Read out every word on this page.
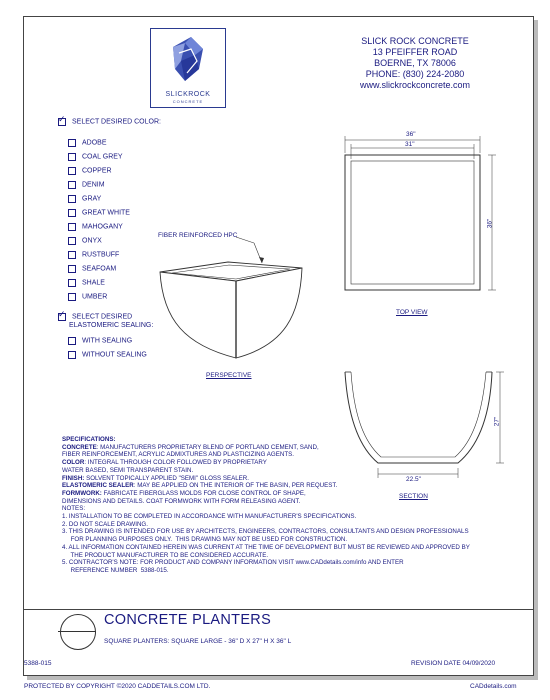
SLICKROCK
CONCRETE
SLICK ROCK CONCRETE
13 PFEIFFER ROAD
BOERNE, TX 78006
PHONE: (830) 224-2080
www.slickrockconcrete.com
✓SELECT DESIRED COLOR:
ADOBE
COAL GREY
COPPER
DENIM
GRAY
GREAT WHITE
MAHOGANY
ONYX
RUSTBUFF
SEAFOAM
SHALE
UMBER
✓SELECT DESIRED
ELASTOMERIC SEALING:
WITH SEALING
WITHOUT SEALING
FIBER REINFORCED HPC
PERSPECTIVE
TOP VIEW
SECTION
36"
31"
36"
27"
22.5"

SPECIFICATIONS:

CONCRETE: MANUFACTURERS PROPRIETARY BLEND OF PORTLAND CEMENT, SAND,

FIBER REINFORCEMENT, ACRYLIC ADMIXTURES AND PLASTICIZING AGENTS.

COLOR: INTEGRAL THROUGH COLOR FOLLOWED BY PROPRIETARY

WATER BASED, SEMI TRANSPARENT STAIN.

FINISH: SOLVENT TOPICALLY APPLIED "SEMI" GLOSS SEALER.

ELASTOMERIC SEALER: MAY BE APPLIED ON THE INTERIOR OF THE BASIN, PER REQUEST.

FORMWORK: FABRICATE FIBERGLASS MOLDS FOR CLOSE CONTROL OF SHAPE,

DIMENSIONS AND DETAILS. COAT FORMWORK WITH FORM RELEASING AGENT.

NOTES:

1. INSTALLATION TO BE COMPLETED IN ACCORDANCE WITH MANUFACTURER'S SPECIFICATIONS.

2. DO NOT SCALE DRAWING.

3. THIS DRAWING IS INTENDED FOR USE BY ARCHITECTS, ENGINEERS, CONTRACTORS, CONSULTANTS AND DESIGN PROFESSIONALS

FOR PLANNING PURPOSES ONLY.  THIS DRAWING MAY NOT BE USED FOR CONSTRUCTION.

4. ALL INFORMATION CONTAINED HEREIN WAS CURRENT AT THE TIME OF DEVELOPMENT BUT MUST BE REVIEWED AND APPROVED BY

THE PRODUCT MANUFACTURER TO BE CONSIDERED ACCURATE.

5. CONTRACTOR'S NOTE: FOR PRODUCT AND COMPANY INFORMATION VISIT www.CADdetails.com/info AND ENTER

REFERENCE NUMBER  5388-015.

CONCRETE PLANTERS
SQUARE PLANTERS: SQUARE LARGE - 36" D X 27" H X 36" L
5388-015	REVISION DATE 04/09/2020
PROTECTED BY COPYRIGHT ©2020 CADDETAILS.COM LTD.	CADdetails.com
